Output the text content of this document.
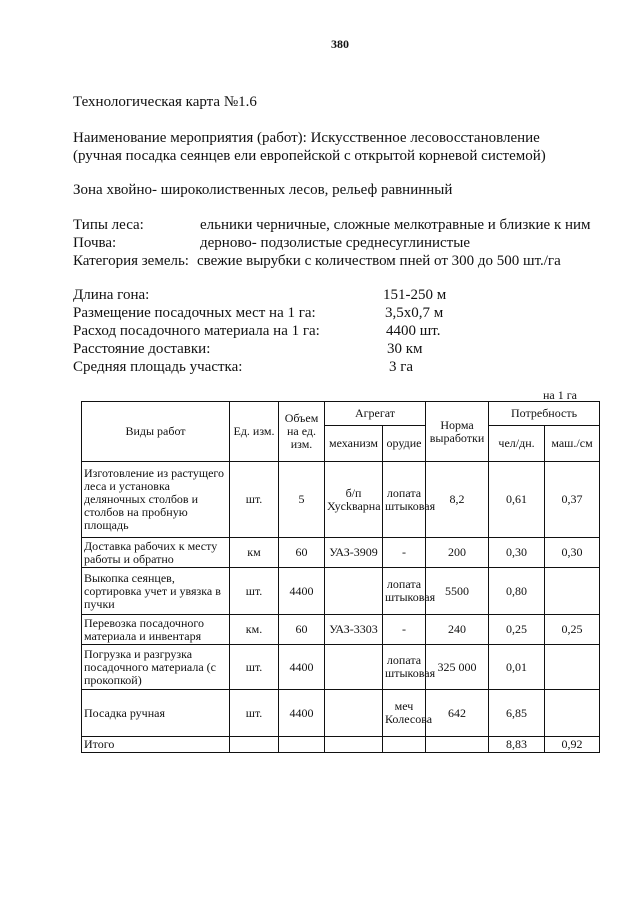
380
Технологическая карта №1.6
Наименование мероприятия (работ): Искусственное лесовосстановление
(ручная посадка сеянцев ели европейской с открытой корневой системой)
Зона хвойно- широколиственных лесов, рельеф равнинный
Типы леса:	ельники черничные, сложные мелкотравные и близкие к ним
Почва:	дерново- подзолистые среднесуглинистые
Категория земель: свежие вырубки с количеством пней от 300 до 500 шт./га
Длина гона:	151-250 м
Размещение посадочных мест на 1 га:	3,5х0,7 м
Расход посадочного материала на 1 га:	4400 шт.
Расстояние доставки:	30 км
Средняя площадь участка:	3 га
на 1 га
Виды работ	Ед. изм.	Объем на ед. изм.	Агрегат		Норма выработки	Потребность	
			механизм	орудие		чел/дн.	маш./см
Изготовление из растущего леса и установка деляночных столбов и столбов на пробную площадь	шт.	5	б/п Хусkварна	лопата штыковая	8,2	0,61	0,37
Доставка рабочих к месту работы и обратно	км	60	УАЗ-3909	-	200	0,30	0,30
Выкопка сеянцев, сортировка учет и увязка в пучки	шт.	4400		лопата штыковая	5500	0,80	
Перевозка посадочного материала и инвентаря	км.	60	УАЗ-3303	-	240	0,25	0,25
Погрузка и разгрузка посадочного материала (с прокопкой)	шт.	4400		лопата штыковая	325 000	0,01	
Посадка ручная	шт.	4400		меч Колесова	642	6,85	
Итого						8,83	0,92
